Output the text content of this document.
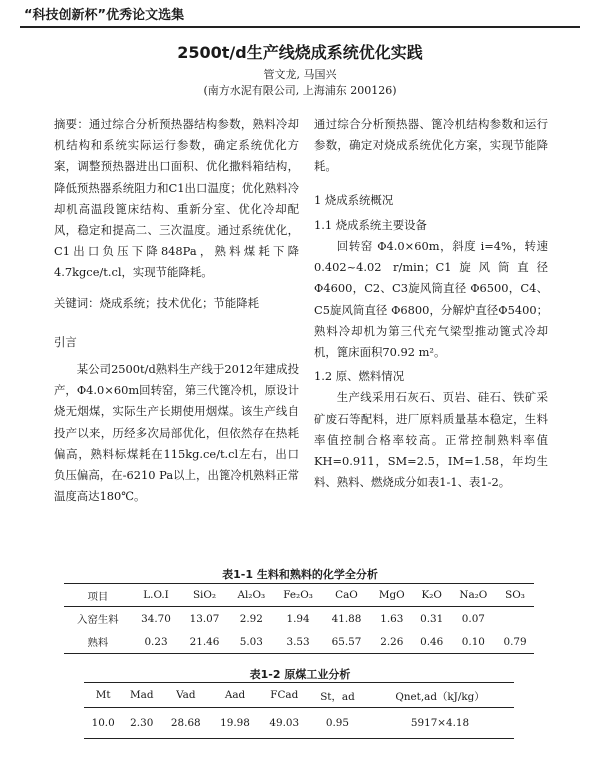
“科技创新杯”优秀论文选集
2500t/d生产线烧成系统优化实践
管文龙, 马国兴
(南方水泥有限公司, 上海浦东 200126)

摘要：通过综合分析预热器结构参数，熟料冷却机结构和系统实际运行参数，确定系统优化方案，调整预热器进出口面积、优化撒料箱结构，降低预热器系统阻力和C1出口温度；优化熟料冷却机高温段篦床结构、重新分室、优化冷却配风，稳定和提高二、三次温度。通过系统优化，C1出口负压下降848Pa，熟料煤耗下降4.7kgce/t.cl，实现节能降耗。

关键词：烧成系统；技术优化；节能降耗

引言

某公司2500t/d熟料生产线于2012年建成投产，Φ4.0×60m回转窑，第三代篦冷机，原设计烧无烟煤，实际生产长期使用烟煤。该生产线自投产以来，历经多次局部优化，但依然存在热耗偏高，熟料标煤耗在115kg.ce/t.cl左右，出口负压偏高，在-6210 Pa以上，出篦冷机熟料正常温度高达180℃。

通过综合分析预热器、篦冷机结构参数和运行参数，确定对烧成系统优化方案，实现节能降耗。

1 烧成系统概况

1.1 烧成系统主要设备

回转窑 Φ4.0×60m，斜度 i=4%，转速0.402~4.02 r/min；C1旋风筒直径 Φ4600，C2、C3旋风筒直径 Φ6500，C4、C5旋风筒直径 Φ6800，分解炉直径Φ5400；熟料冷却机为第三代充气梁型推动篦式冷却机，篦床面积70.92 m²。

1.2 原、燃料情况

生产线采用石灰石、页岩、硅石、铁矿采矿废石等配料，进厂原料质量基本稳定，生料率值控制合格率较高。正常控制熟料率值KH=0.911，SM=2.5，IM=1.58，年均生料、熟料、燃烧成分如表1-1、表1-2。

表1-1 生料和熟料的化学全分析
项目	L.O.I	SiO₂	Al₂O₃	Fe₂O₃	CaO	MgO	K₂O	Na₂O	SO₃
入窑生料	34.70	13.07	2.92	1.94	41.88	1.63	0.31	0.07	
熟料	0.23	21.46	5.03	3.53	65.57	2.26	0.46	0.10	0.79
表1-2 原煤工业分析
Mt	Mad	Vad	Aad	FCad	St，ad	Qnet,ad（kJ/kg）
10.0	2.30	28.68	19.98	49.03	0.95	5917×4.18
